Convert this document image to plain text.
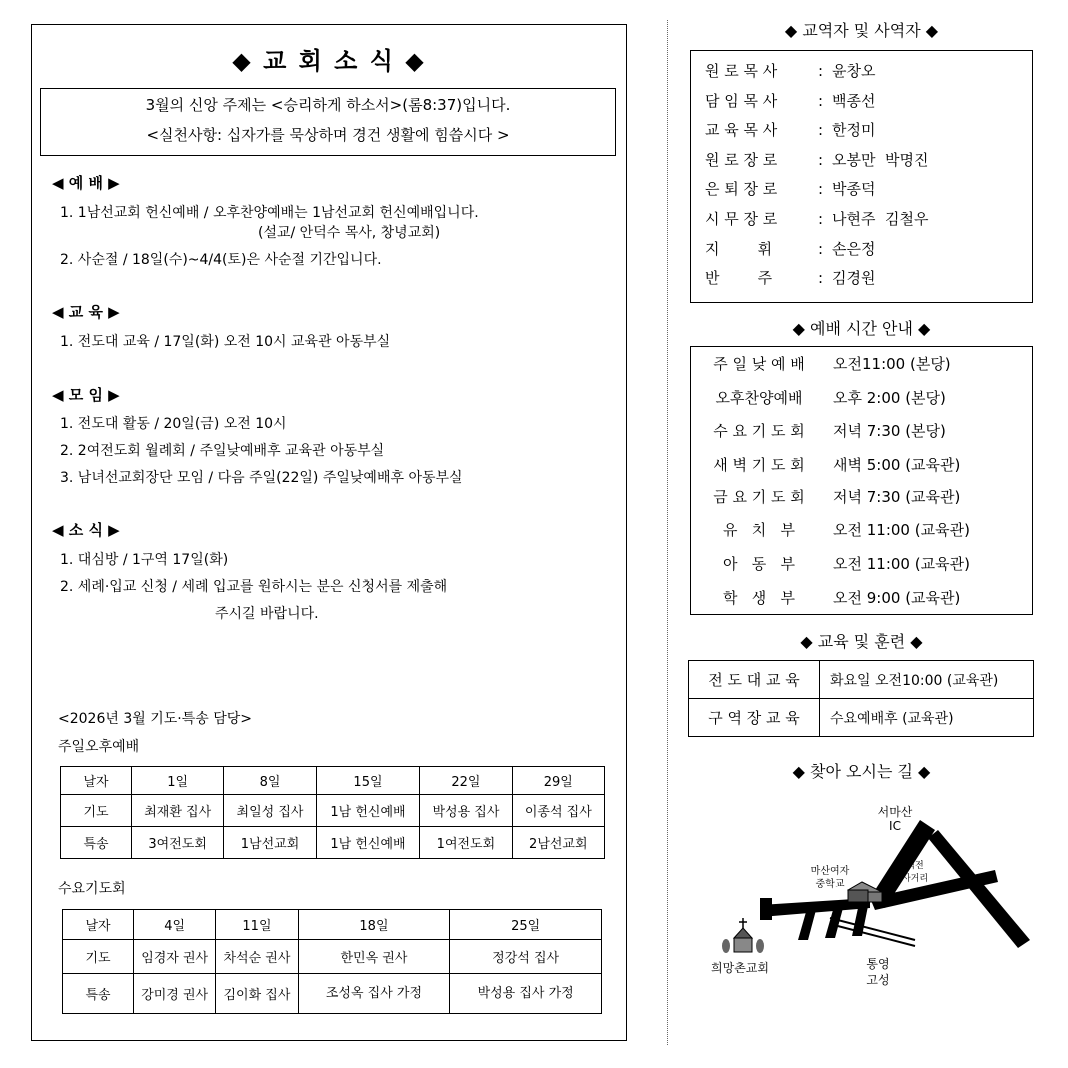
◆ 교 회 소 식 ◆
3월의 신앙 주제는 <승리하게 하소서>(롬8:37)입니다.
<실천사항: 십자가를 묵상하며 경건 생활에 힘씁시다 >
◀ 예 배 ▶
1. 1남선교회 헌신예배 / 오후찬양예배는 1남선교회 헌신예배입니다.
(설교/ 안덕수 목사, 창녕교회)
2. 사순절 / 18일(수)~4/4(토)은 사순절 기간입니다.
◀ 교 육 ▶
1. 전도대 교육 / 17일(화) 오전 10시 교육관 아동부실
◀ 모 임 ▶
1. 전도대 활동 / 20일(금) 오전 10시
2. 2여전도회 월례회 / 주일낮예배후 교육관 아동부실
3. 남녀선교회장단 모임 / 다음 주일(22일) 주일낮예배후 아동부실
◀ 소 식 ▶
1. 대심방 / 1구역 17일(화)
2. 세례·입교 신청 / 세례 입교를 원하시는 분은 신청서를 제출해
주시길 바랍니다.
<2026년 3월 기도·특송 담당>
주일오후예배
날자	1일	8일	15일	22일	29일
기도	최재환 집사	최일성 집사	1남 헌신예배	박성용 집사	이종석 집사
특송	3여전도회	1남선교회	1남 헌신예배	1여전도회	2남선교회
수요기도회
날자	4일	11일	18일	25일
기도	임경자 권사	차석순 권사	한민옥 권사	정강석 집사
특송	강미경 권사	김이화 집사	조성옥 집사 가정	박성용 집사 가정
◆ 교역자 및 사역자 ◆
원 로 목 사	: 윤창오
담 임 목 사	: 백종선
교 육 목 사	: 한정미
원 로 장 로	: 오봉만  박명진
은 퇴 장 로	: 박종덕
시 무 장 로	: 나현주  김철우
지        휘	: 손은정
반        주	: 김경원
◆ 예배 시간 안내 ◆
주 일 낮 예 배	오전11:00 (본당)
오후찬양예배	오후 2:00 (본당)
수 요 기 도 회	저녁 7:30 (본당)
새 벽 기 도 회	새벽 5:00 (교육관)
금 요 기 도 회	저녁 7:30 (교육관)
유   치   부	오전 11:00 (교육관)
아   동   부	오전 11:00 (교육관)
학   생   부	오전 9:00 (교육관)
◆ 교육 및 훈련 ◆
전 도 대 교 육	화요일 오전10:00 (교육관)
구 역 장 교 육	수요예배후 (교육관)
◆ 찾아 오시는 길 ◆
서마산
IC
마산여자
중학교
석전
사거리
희망촌교회	통영
고성
